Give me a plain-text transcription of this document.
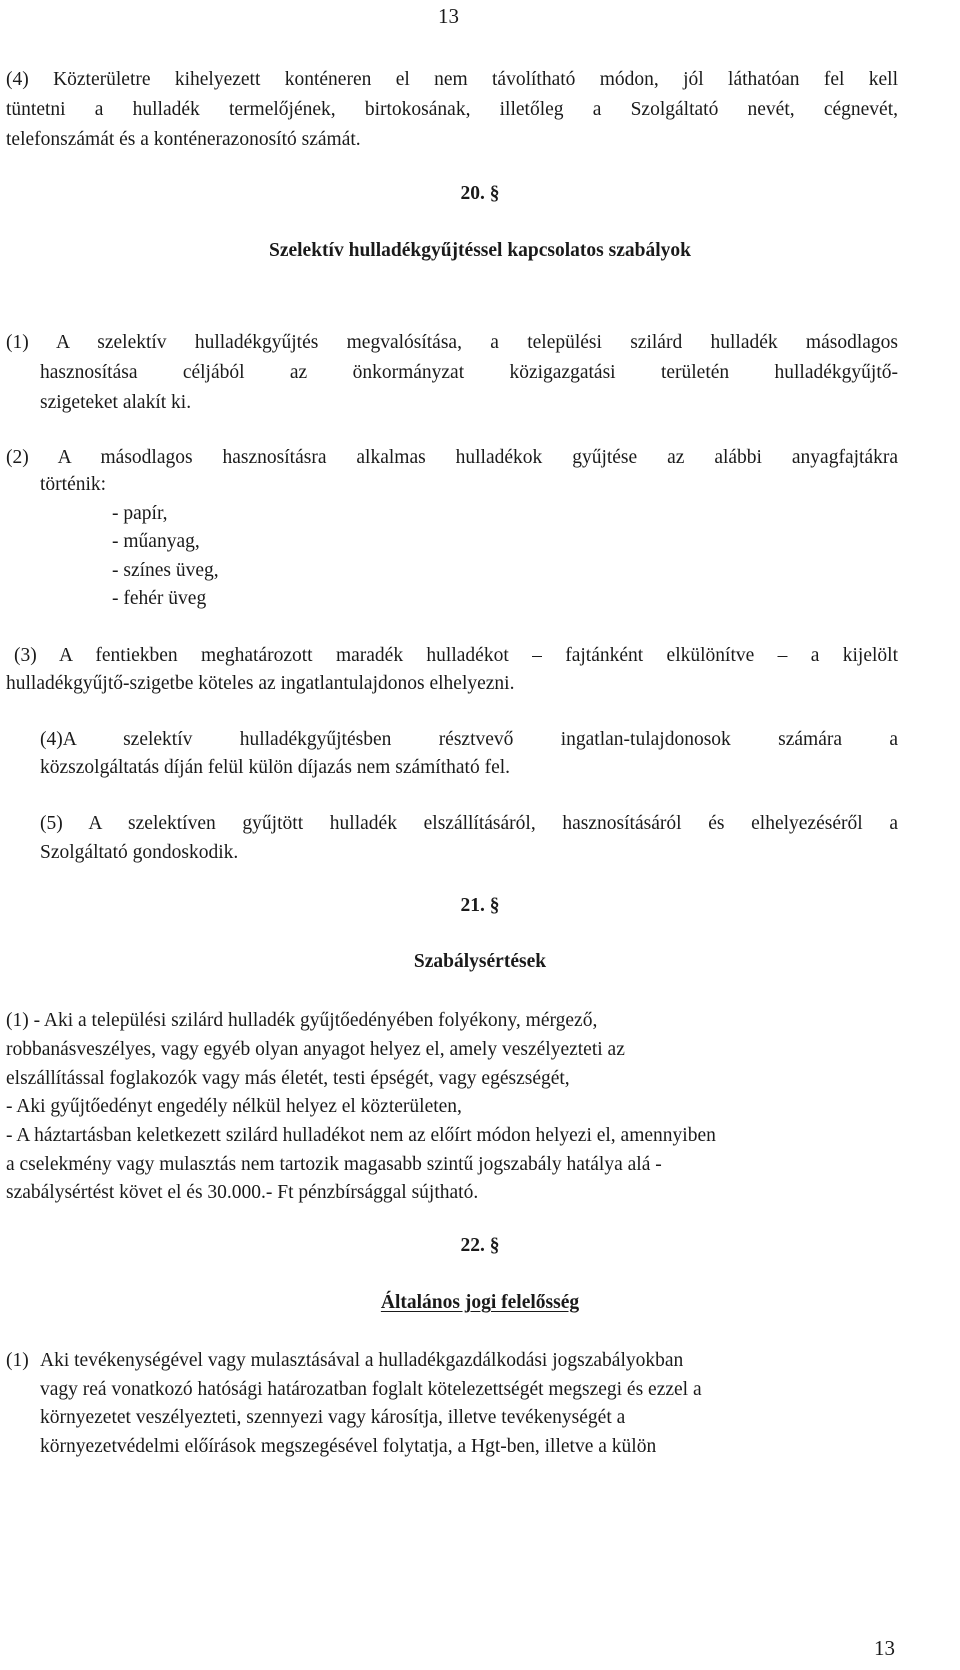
13
13
(4) Közterületre kihelyezett konténeren el nem távolítható módon, jól láthatóan fel kell
tüntetni a hulladék termelőjének, birtokosának, illetőleg a Szolgáltató nevét, cégnevét,
telefonszámát és a konténerazonosító számát.
20. §
Szelektív hulladékgyűjtéssel kapcsolatos szabályok
(1) A szelektív hulladékgyűjtés megvalósítása, a települési szilárd hulladék másodlagos
hasznosítása céljából az önkormányzat közigazgatási területén hulladékgyűjtő-
szigeteket alakít ki.
(2) A másodlagos hasznosításra alkalmas hulladékok gyűjtése az alábbi anyagfajtákra
történik:
- papír,
- műanyag,
- színes üveg,
- fehér üveg
(3) A fentiekben meghatározott maradék hulladékot – fajtánként elkülönítve – a kijelölt
hulladékgyűjtő-szigetbe köteles az ingatlantulajdonos elhelyezni.
(4)A szelektív hulladékgyűjtésben résztvevő ingatlan-tulajdonosok számára a
közszolgáltatás díján felül külön díjazás nem számítható fel.
(5) A szelektíven gyűjtött hulladék elszállításáról, hasznosításáról és elhelyezéséről a
Szolgáltató gondoskodik.
21. §
Szabálysértések
(1) - Aki a települési szilárd hulladék gyűjtőedényében folyékony, mérgező,
robbanásveszélyes, vagy egyéb olyan anyagot helyez el, amely veszélyezteti az
elszállítással foglakozók vagy más életét, testi épségét, vagy egészségét,
- Aki gyűjtőedényt engedély nélkül helyez el közterületen,
- A háztartásban keletkezett szilárd hulladékot nem az előírt módon helyezi el, amennyiben
a cselekmény vagy mulasztás nem tartozik magasabb szintű jogszabály hatálya alá -
szabálysértést követ el és 30.000.- Ft pénzbírsággal sújtható.
22. §
Általános jogi felelősség
(1) Aki tevékenységével vagy mulasztásával a hulladékgazdálkodási jogszabályokban
vagy reá vonatkozó hatósági határozatban foglalt kötelezettségét megszegi és ezzel a
környezetet veszélyezteti, szennyezi vagy károsítja, illetve tevékenységét a
környezetvédelmi előírások megszegésével folytatja, a Hgt-ben, illetve a külön
